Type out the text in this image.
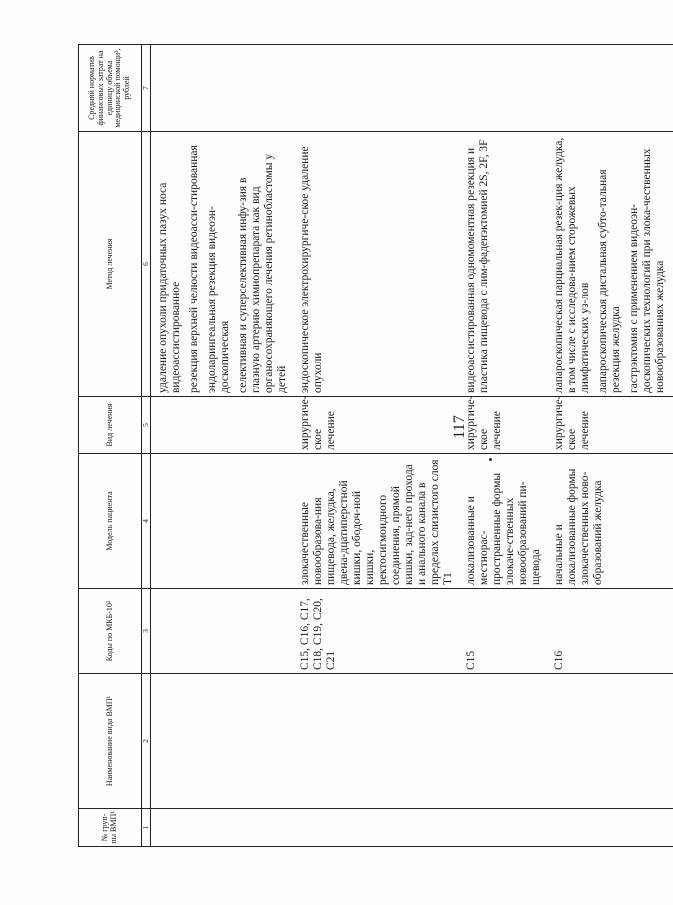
117
№ груп-пы ВМП¹	Наименование вида ВМП¹	Коды по МКБ-10²	Модель пациента	Вид лечения	Метод лечения	Средний норматив финансовых затрат на единицу объема медицинской помощи³, рублей
1	2	3	4	5	6	7

					удаление опухоли придаточных пазух носа видеоассистированное резекция верхней челюсти видеоасси-стированная эндоларингеальная резекция видеоэн-доскопическая селективная и суперселективная инфу-зия в глазную артерию химиопрепарата как вид органосохраняющего лечения ретинобластомы у детей	

		C15, C16, C17, C18, C19, C20, C21	злокачественные новообразова-ния пищевода, желудка, двена-дцатиперстной кишки, ободоч-ной кишки, ректосигмоидного соединения, прямой кишки, зад-него прохода и анального канала в пределах слизистого слоя T1	хирургиче-ское лечение	эндоскопическое электрохирургиче-ское удаление опухоли	

		C15	локализованные и местнорас-пространенные формы злокаче-ственных новообразований пи-щевода	хирургиче-ское лечение	видеоассистированная одномоментная резекция и пластика пищевода с лим-фаденэктомией 2S, 2F, 3F	

		C16	начальные и локализованные формы злокачественных ново-образований желудка	хирургиче-ское лечение	лапароскопическая парциальная резек-ция желудка, в том числе с исследова-нием сторожевых лимфатических уз-лов лапароскопическая дистальная субто-тальная резекция желудка гастрэктомия с применением видеоэн-доскопических технологий при злока-чественных новообразованиях желудка	
